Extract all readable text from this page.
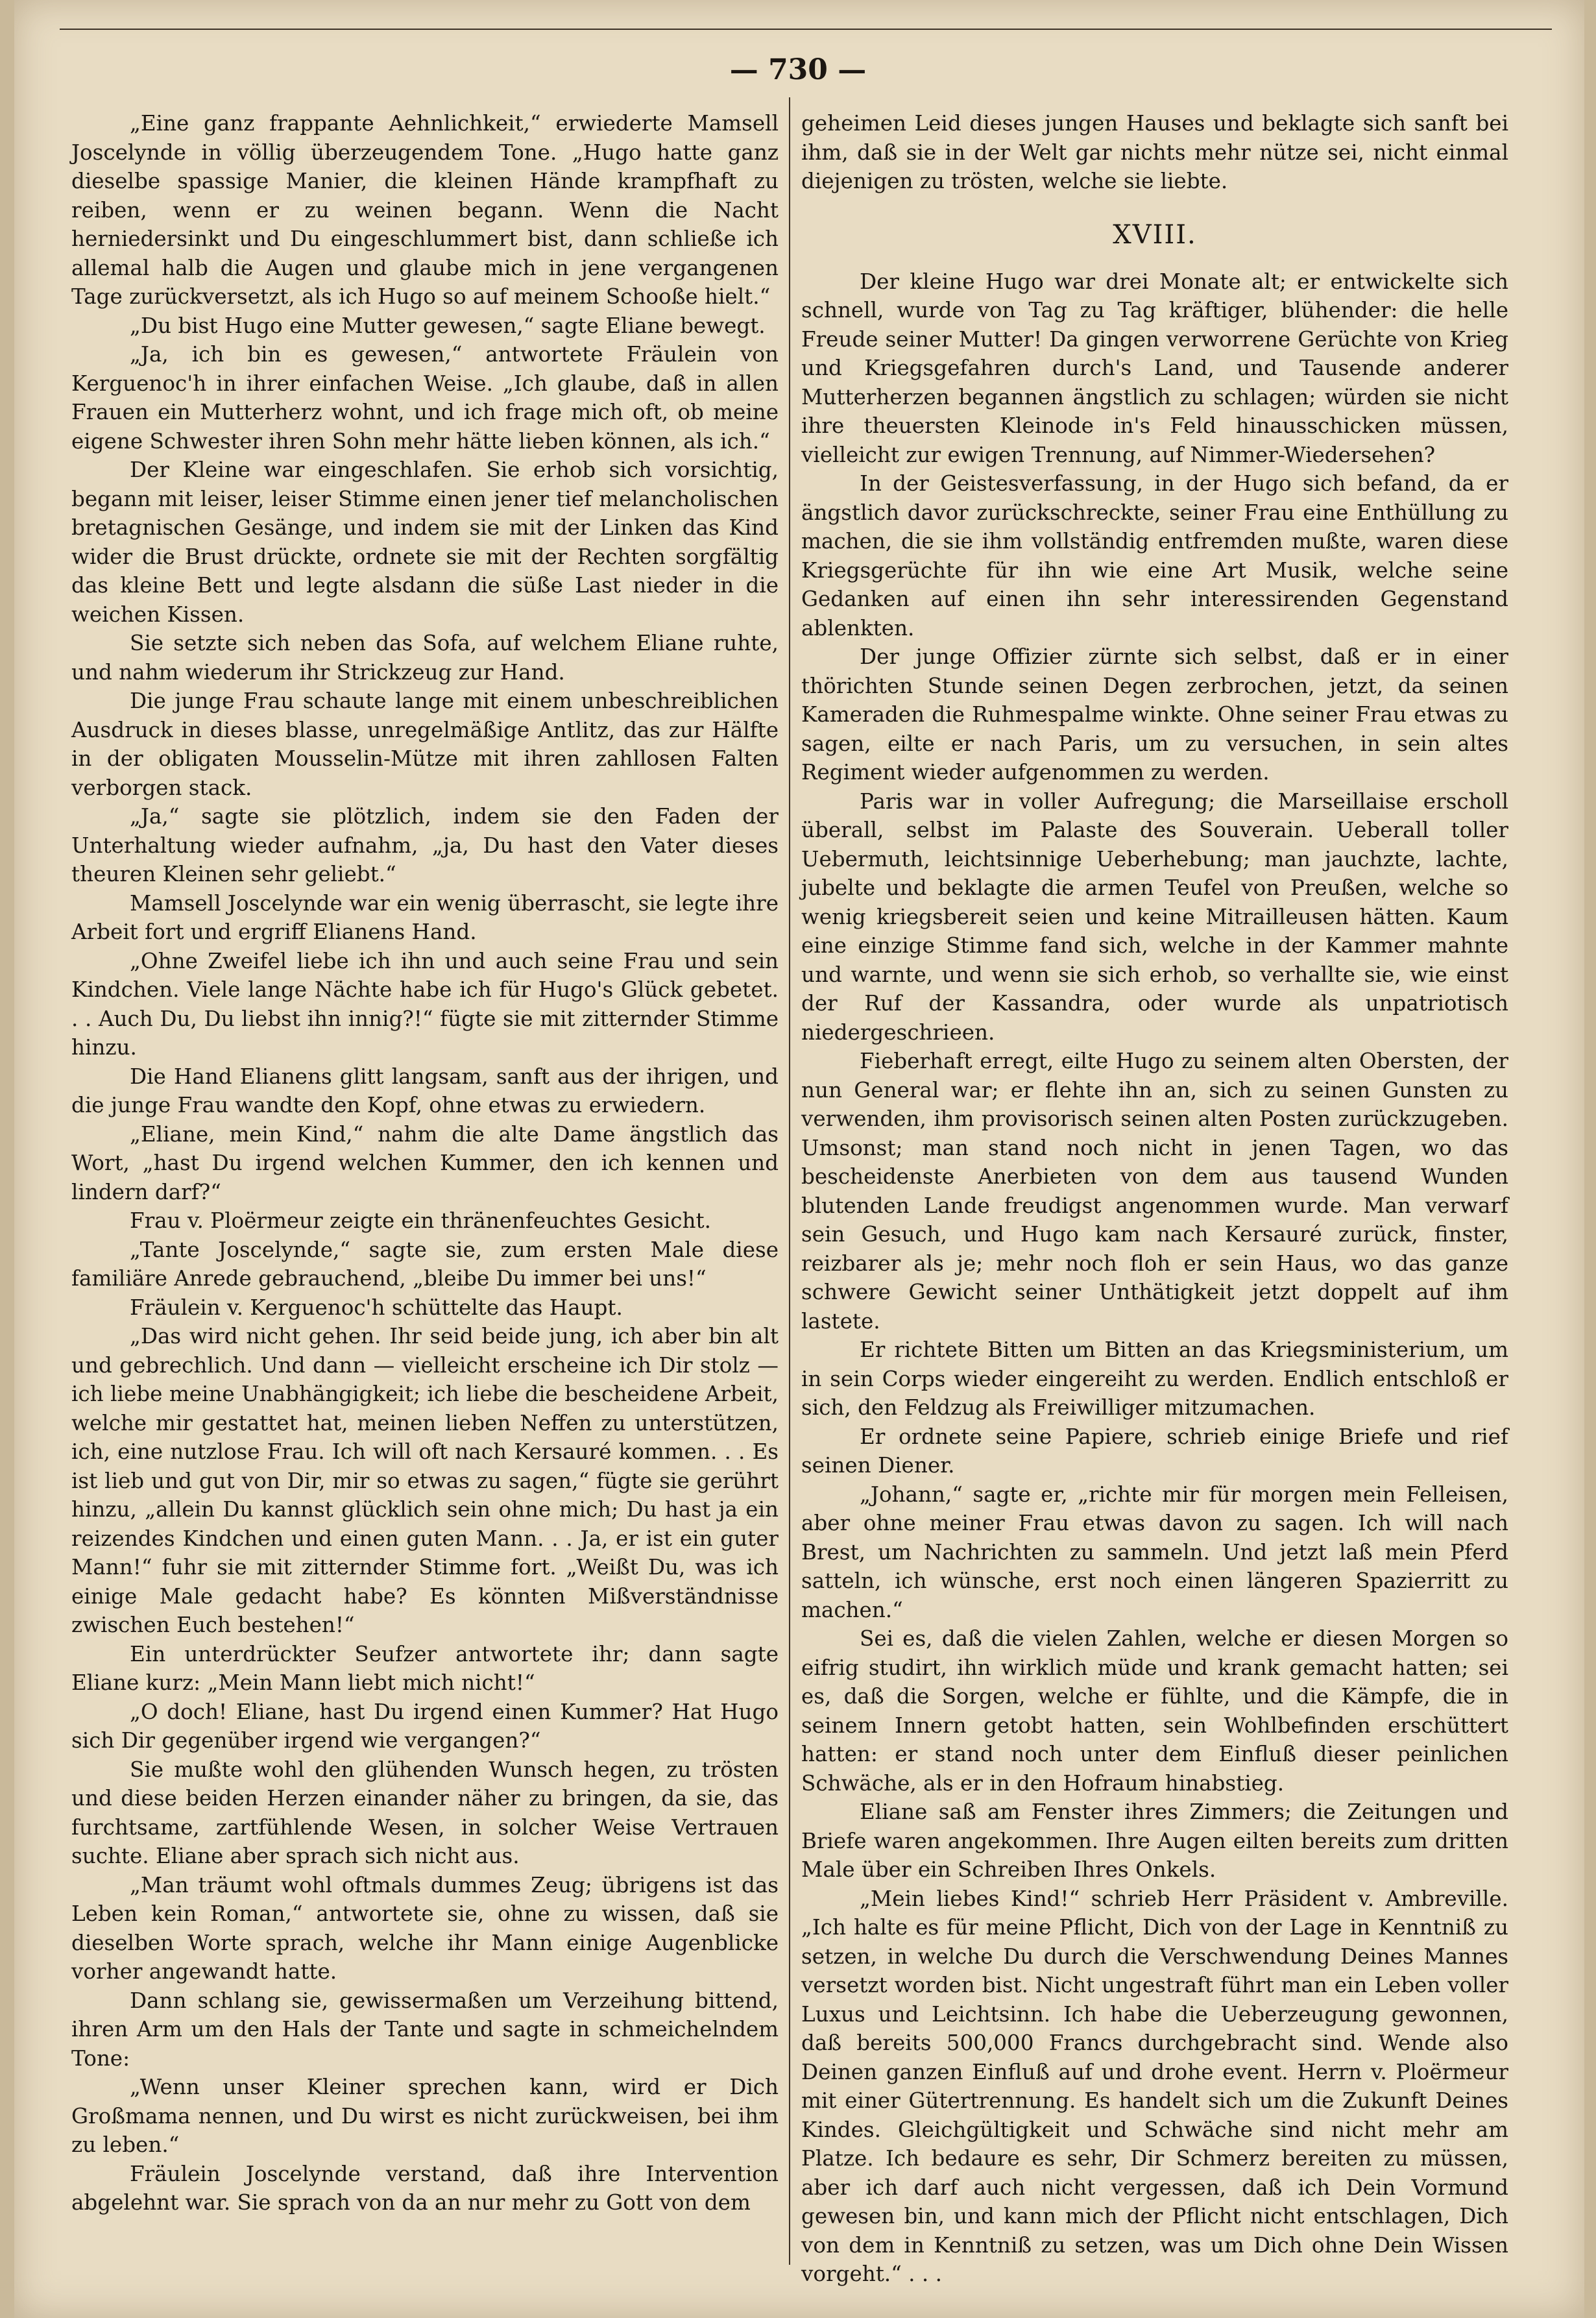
— 730 —

„Eine ganz frappante Aehnlichkeit,“ erwiederte Mamsell Joscelynde in völlig überzeugendem Tone. „Hugo hatte ganz dieselbe spassige Manier, die kleinen Hände krampfhaft zu reiben, wenn er zu weinen begann. Wenn die Nacht herniedersinkt und Du eingeschlummert bist, dann schließe ich allemal halb die Augen und glaube mich in jene vergangenen Tage zurückversetzt, als ich Hugo so auf meinem Schooße hielt.“

„Du bist Hugo eine Mutter gewesen,“ sagte Eliane bewegt.

„Ja, ich bin es gewesen,“ antwortete Fräulein von Kerguenoc'h in ihrer einfachen Weise. „Ich glaube, daß in allen Frauen ein Mutterherz wohnt, und ich frage mich oft, ob meine eigene Schwester ihren Sohn mehr hätte lieben können, als ich.“

Der Kleine war eingeschlafen. Sie erhob sich vorsichtig, begann mit leiser, leiser Stimme einen jener tief melancholischen bretagnischen Gesänge, und indem sie mit der Linken das Kind wider die Brust drückte, ordnete sie mit der Rechten sorgfältig das kleine Bett und legte alsdann die süße Last nieder in die weichen Kissen.

Sie setzte sich neben das Sofa, auf welchem Eliane ruhte, und nahm wiederum ihr Strickzeug zur Hand.

Die junge Frau schaute lange mit einem unbeschreiblichen Ausdruck in dieses blasse, unregelmäßige Antlitz, das zur Hälfte in der obligaten Mousselin-Mütze mit ihren zahllosen Falten verborgen stack.

„Ja,“ sagte sie plötzlich, indem sie den Faden der Unterhaltung wieder aufnahm, „ja, Du hast den Vater dieses theuren Kleinen sehr geliebt.“

Mamsell Joscelynde war ein wenig überrascht, sie legte ihre Arbeit fort und ergriff Elianens Hand.

„Ohne Zweifel liebe ich ihn und auch seine Frau und sein Kindchen. Viele lange Nächte habe ich für Hugo's Glück gebetet. . . Auch Du, Du liebst ihn innig?!“ fügte sie mit zitternder Stimme hinzu.

Die Hand Elianens glitt langsam, sanft aus der ihrigen, und die junge Frau wandte den Kopf, ohne etwas zu erwiedern.

„Eliane, mein Kind,“ nahm die alte Dame ängstlich das Wort, „hast Du irgend welchen Kummer, den ich kennen und lindern darf?“

Frau v. Ploërmeur zeigte ein thränenfeuchtes Gesicht.

„Tante Joscelynde,“ sagte sie, zum ersten Male diese familiäre Anrede gebrauchend, „bleibe Du immer bei uns!“

Fräulein v. Kerguenoc'h schüttelte das Haupt.

„Das wird nicht gehen. Ihr seid beide jung, ich aber bin alt und gebrechlich. Und dann — vielleicht erscheine ich Dir stolz — ich liebe meine Unabhängigkeit; ich liebe die bescheidene Arbeit, welche mir gestattet hat, meinen lieben Neffen zu unterstützen, ich, eine nutzlose Frau. Ich will oft nach Kersauré kommen. . . Es ist lieb und gut von Dir, mir so etwas zu sagen,“ fügte sie gerührt hinzu, „allein Du kannst glücklich sein ohne mich; Du hast ja ein reizendes Kindchen und einen guten Mann. . . Ja, er ist ein guter Mann!“ fuhr sie mit zitternder Stimme fort. „Weißt Du, was ich einige Male gedacht habe? Es könnten Mißverständnisse zwischen Euch bestehen!“

Ein unterdrückter Seufzer antwortete ihr; dann sagte Eliane kurz: „Mein Mann liebt mich nicht!“

„O doch! Eliane, hast Du irgend einen Kummer? Hat Hugo sich Dir gegenüber irgend wie vergangen?“

Sie mußte wohl den glühenden Wunsch hegen, zu trösten und diese beiden Herzen einander näher zu bringen, da sie, das furchtsame, zartfühlende Wesen, in solcher Weise Vertrauen suchte. Eliane aber sprach sich nicht aus.

„Man träumt wohl oftmals dummes Zeug; übrigens ist das Leben kein Roman,“ antwortete sie, ohne zu wissen, daß sie dieselben Worte sprach, welche ihr Mann einige Augenblicke vorher angewandt hatte.

Dann schlang sie, gewissermaßen um Verzeihung bittend, ihren Arm um den Hals der Tante und sagte in schmeichelndem Tone:

„Wenn unser Kleiner sprechen kann, wird er Dich Großmama nennen, und Du wirst es nicht zurückweisen, bei ihm zu leben.“

Fräulein Joscelynde verstand, daß ihre Intervention abgelehnt war. Sie sprach von da an nur mehr zu Gott von dem

geheimen Leid dieses jungen Hauses und beklagte sich sanft bei ihm, daß sie in der Welt gar nichts mehr nütze sei, nicht einmal diejenigen zu trösten, welche sie liebte.

XVIII.

Der kleine Hugo war drei Monate alt; er entwickelte sich schnell, wurde von Tag zu Tag kräftiger, blühender: die helle Freude seiner Mutter! Da gingen verworrene Gerüchte von Krieg und Kriegsgefahren durch's Land, und Tausende anderer Mutterherzen begannen ängstlich zu schlagen; würden sie nicht ihre theuersten Kleinode in's Feld hinausschicken müssen, vielleicht zur ewigen Trennung, auf Nimmer-Wiedersehen?

In der Geistesverfassung, in der Hugo sich befand, da er ängstlich davor zurückschreckte, seiner Frau eine Enthüllung zu machen, die sie ihm vollständig entfremden mußte, waren diese Kriegsgerüchte für ihn wie eine Art Musik, welche seine Gedanken auf einen ihn sehr interessirenden Gegenstand ablenkten.

Der junge Offizier zürnte sich selbst, daß er in einer thörichten Stunde seinen Degen zerbrochen, jetzt, da seinen Kameraden die Ruhmespalme winkte. Ohne seiner Frau etwas zu sagen, eilte er nach Paris, um zu versuchen, in sein altes Regiment wieder aufgenommen zu werden.

Paris war in voller Aufregung; die Marseillaise erscholl überall, selbst im Palaste des Souverain. Ueberall toller Uebermuth, leichtsinnige Ueberhebung; man jauchzte, lachte, jubelte und beklagte die armen Teufel von Preußen, welche so wenig kriegsbereit seien und keine Mitrailleusen hätten. Kaum eine einzige Stimme fand sich, welche in der Kammer mahnte und warnte, und wenn sie sich erhob, so verhallte sie, wie einst der Ruf der Kassandra, oder wurde als unpatriotisch niedergeschrieen.

Fieberhaft erregt, eilte Hugo zu seinem alten Obersten, der nun General war; er flehte ihn an, sich zu seinen Gunsten zu verwenden, ihm provisorisch seinen alten Posten zurückzugeben. Umsonst; man stand noch nicht in jenen Tagen, wo das bescheidenste Anerbieten von dem aus tausend Wunden blutenden Lande freudigst angenommen wurde. Man verwarf sein Gesuch, und Hugo kam nach Kersauré zurück, finster, reizbarer als je; mehr noch floh er sein Haus, wo das ganze schwere Gewicht seiner Unthätigkeit jetzt doppelt auf ihm lastete.

Er richtete Bitten um Bitten an das Kriegsministerium, um in sein Corps wieder eingereiht zu werden. Endlich entschloß er sich, den Feldzug als Freiwilliger mitzumachen.

Er ordnete seine Papiere, schrieb einige Briefe und rief seinen Diener.

„Johann,“ sagte er, „richte mir für morgen mein Felleisen, aber ohne meiner Frau etwas davon zu sagen. Ich will nach Brest, um Nachrichten zu sammeln. Und jetzt laß mein Pferd satteln, ich wünsche, erst noch einen längeren Spazierritt zu machen.“

Sei es, daß die vielen Zahlen, welche er diesen Morgen so eifrig studirt, ihn wirklich müde und krank gemacht hatten; sei es, daß die Sorgen, welche er fühlte, und die Kämpfe, die in seinem Innern getobt hatten, sein Wohlbefinden erschüttert hatten: er stand noch unter dem Einfluß dieser peinlichen Schwäche, als er in den Hofraum hinabstieg.

Eliane saß am Fenster ihres Zimmers; die Zeitungen und Briefe waren angekommen. Ihre Augen eilten bereits zum dritten Male über ein Schreiben Ihres Onkels.

„Mein liebes Kind!“ schrieb Herr Präsident v. Ambreville. „Ich halte es für meine Pflicht, Dich von der Lage in Kenntniß zu setzen, in welche Du durch die Verschwendung Deines Mannes versetzt worden bist. Nicht ungestraft führt man ein Leben voller Luxus und Leichtsinn. Ich habe die Ueberzeugung gewonnen, daß bereits 500,000 Francs durchgebracht sind. Wende also Deinen ganzen Einfluß auf und drohe event. Herrn v. Ploërmeur mit einer Gütertrennung. Es handelt sich um die Zukunft Deines Kindes. Gleichgültigkeit und Schwäche sind nicht mehr am Platze. Ich bedaure es sehr, Dir Schmerz bereiten zu müssen, aber ich darf auch nicht vergessen, daß ich Dein Vormund gewesen bin, und kann mich der Pflicht nicht entschlagen, Dich von dem in Kenntniß zu setzen, was um Dich ohne Dein Wissen vorgeht.“ . . .
